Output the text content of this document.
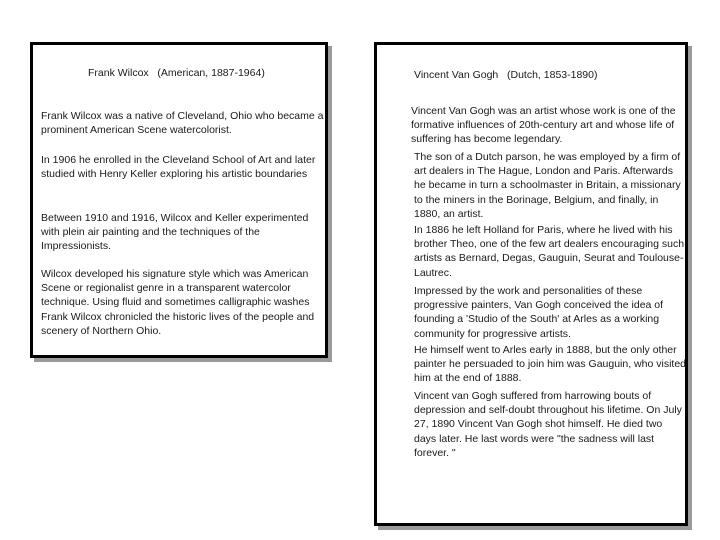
Frank Wilcox   (American, 1887-1964)

Frank Wilcox was a native of Cleveland, Ohio who became a prominent American Scene watercolorist.

In 1906 he enrolled in the Cleveland School of Art and later studied with Henry Keller exploring his artistic boundaries

Between 1910 and 1916, Wilcox and Keller experimented with plein air painting and the techniques of the Impressionists.

Wilcox developed his signature style which was American Scene or regionalist genre in a transparent watercolor technique. Using fluid and sometimes calligraphic washes Frank Wilcox chronicled the historic lives of the people and scenery of Northern Ohio.

Vincent Van Gogh   (Dutch, 1853-1890)

Vincent Van Gogh was an artist whose work is one of the formative influences of 20th-century art and whose life of suffering has become legendary.

The son of a Dutch parson, he was employed by a firm of art dealers in The Hague, London and Paris. Afterwards he became in turn a schoolmaster in Britain, a missionary to the miners in the Borinage, Belgium, and finally, in 1880, an artist.

In 1886 he left Holland for Paris, where he lived with his brother Theo, one of the few art dealers encouraging such artists as Bernard, Degas, Gauguin, Seurat and Toulouse-Lautrec.

Impressed by the work and personalities of these progressive painters, Van Gogh conceived the idea of founding a 'Studio of the South' at Arles as a working community for progressive artists.

He himself went to Arles early in 1888, but the only other painter he persuaded to join him was Gauguin, who visited him at the end of 1888.

Vincent van Gogh suffered from harrowing bouts of depression and self-doubt throughout his lifetime. On July 27, 1890 Vincent Van Gogh shot himself. He died two days later. He last words were "the sadness will last forever. "
